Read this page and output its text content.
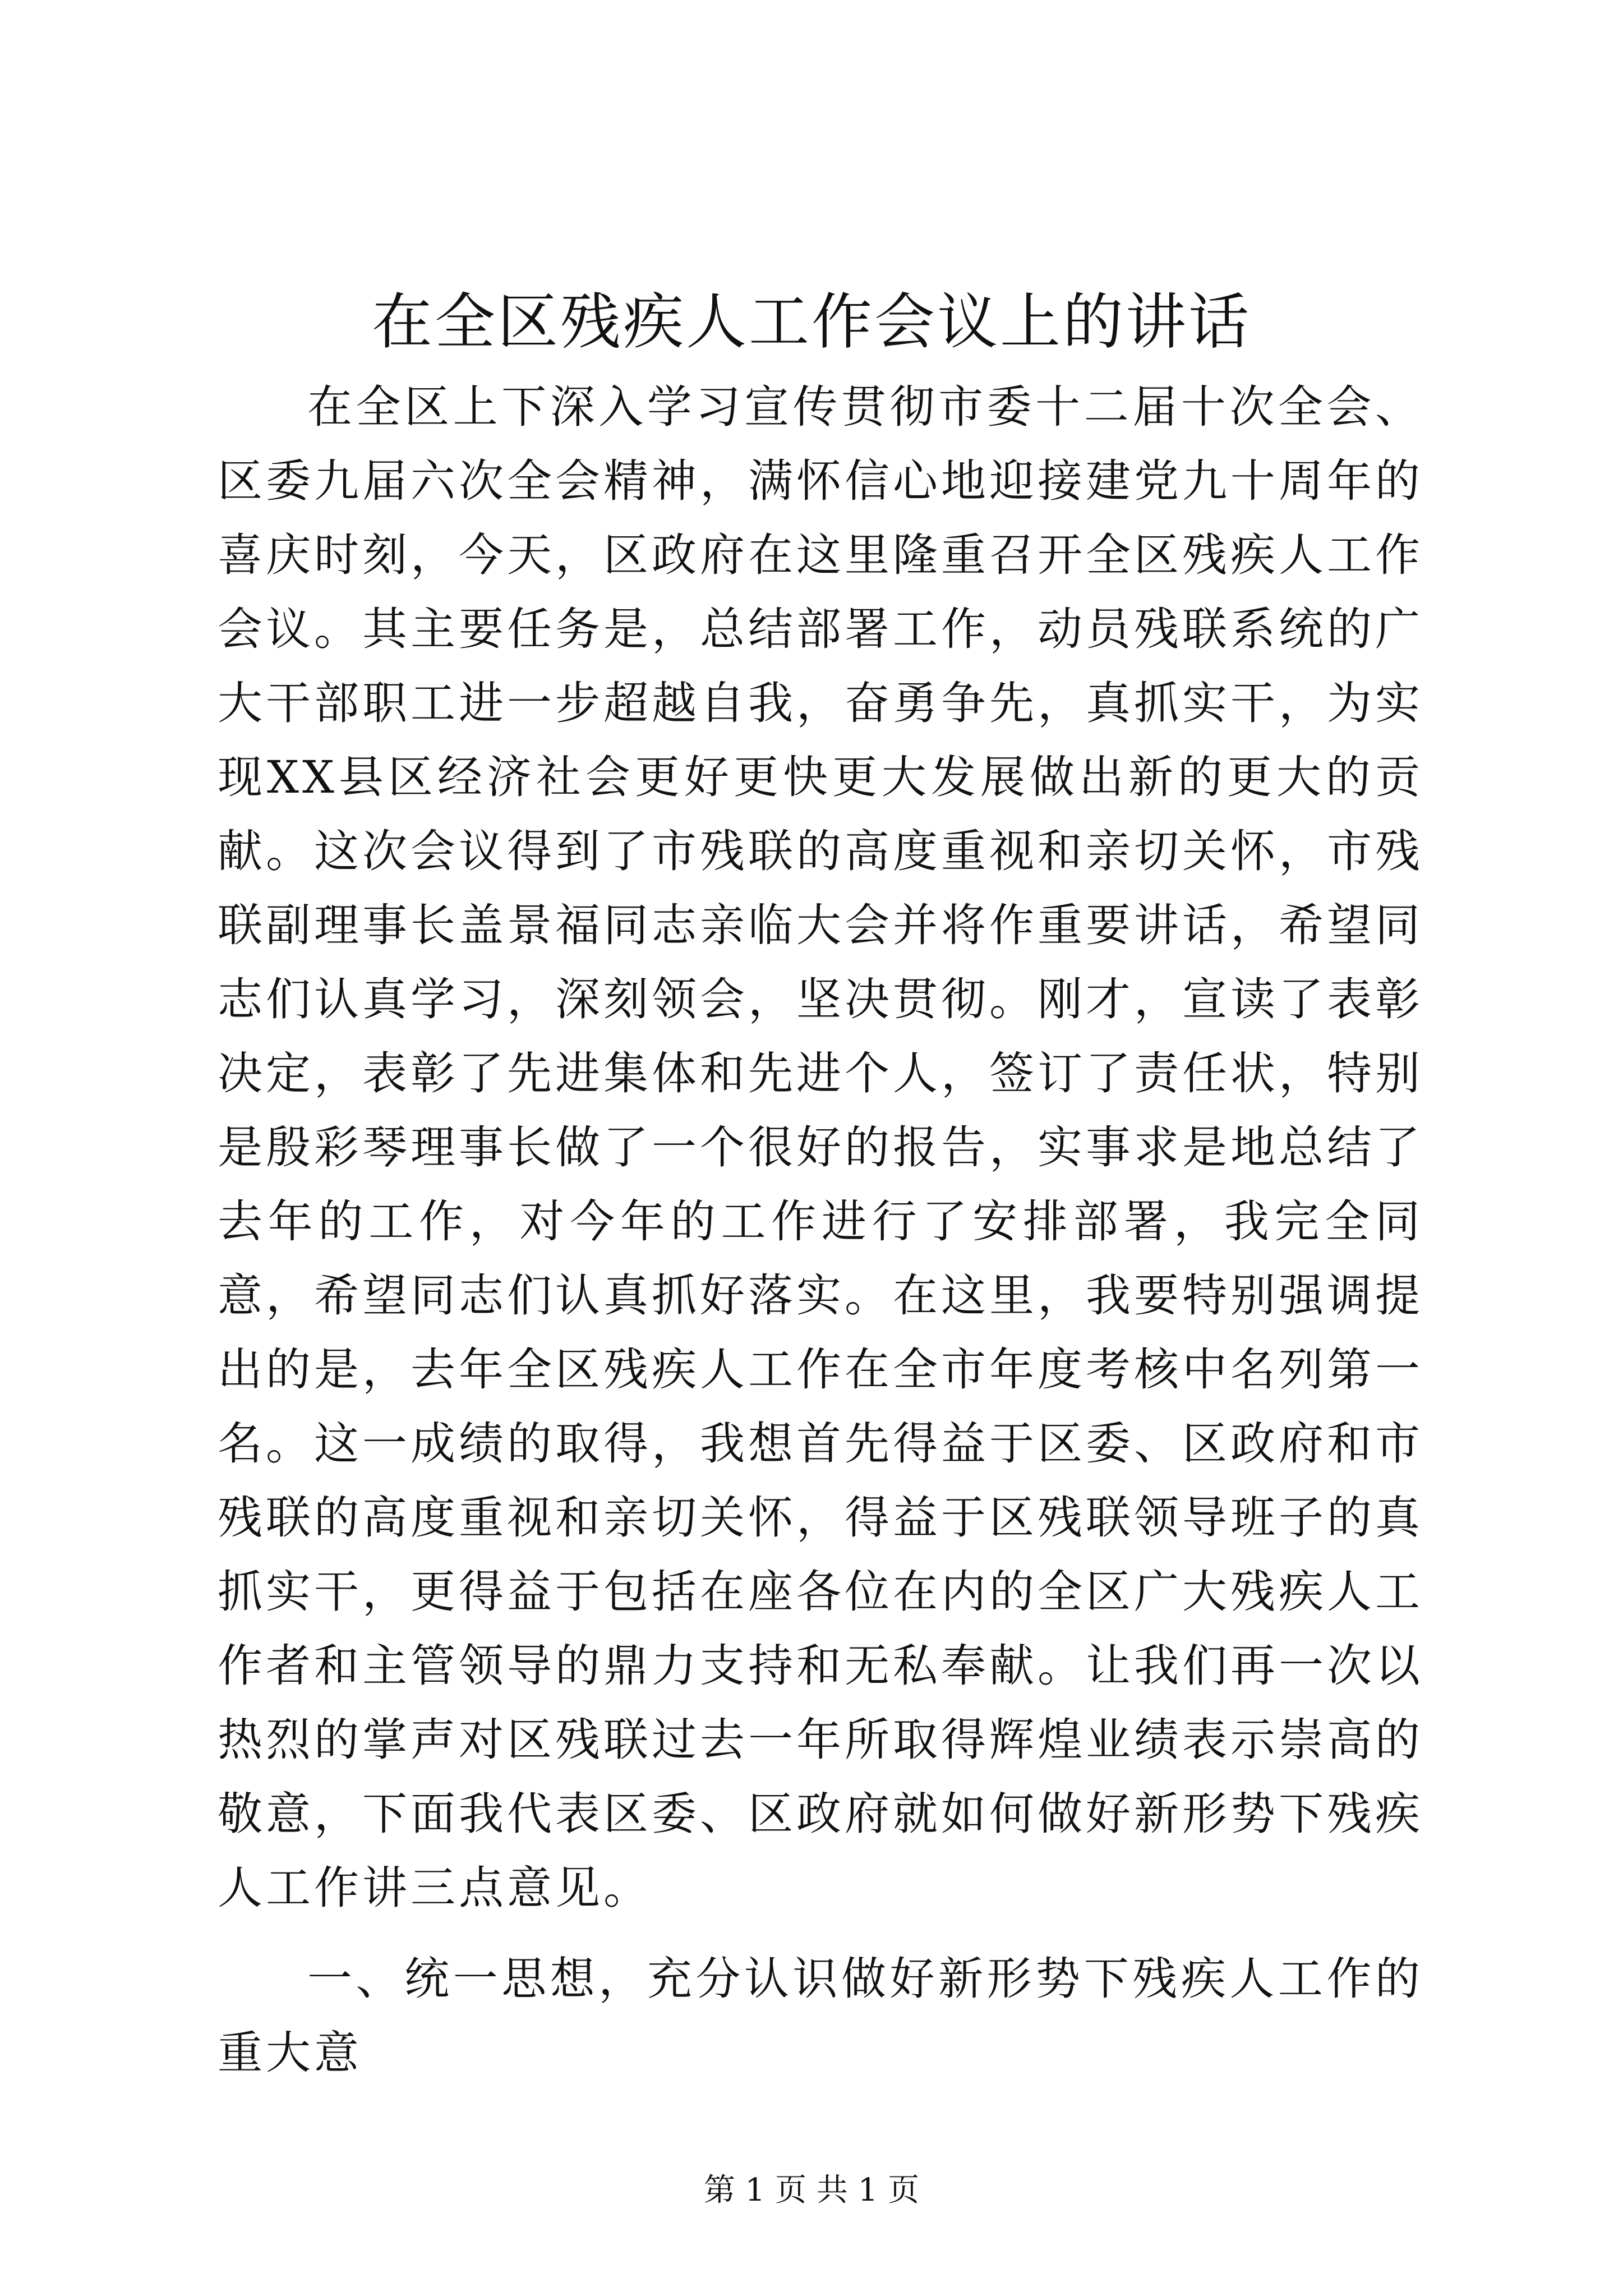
在全区残疾人工作会议上的讲话

在全区上下深入学习宣传贯彻市委十二届十次全会、区委九届六次全会精神，满怀信心地迎接建党九十周年的喜庆时刻，今天，区政府在这里隆重召开全区残疾人工作会议。其主要任务是，总结部署工作，动员残联系统的广大干部职工进一步超越自我，奋勇争先，真抓实干，为实现XX县区经济社会更好更快更大发展做出新的更大的贡献。这次会议得到了市残联的高度重视和亲切关怀，市残联副理事长盖景福同志亲临大会并将作重要讲话，希望同志们认真学习，深刻领会，坚决贯彻。刚才，宣读了表彰决定，表彰了先进集体和先进个人，签订了责任状，特别是殷彩琴理事长做了一个很好的报告，实事求是地总结了去年的工作，对今年的工作进行了安排部署，我完全同意，希望同志们认真抓好落实。在这里，我要特别强调提出的是，去年全区残疾人工作在全市年度考核中名列第一名。这一成绩的取得，我想首先得益于区委、区政府和市残联的高度重视和亲切关怀，得益于区残联领导班子的真抓实干，更得益于包括在座各位在内的全区广大残疾人工作者和主管领导的鼎力支持和无私奉献。让我们再一次以热烈的掌声对区残联过去一年所取得辉煌业绩表示崇高的敬意，下面我代表区委、区政府就如何做好新形势下残疾人工作讲三点意见。

一、统一思想，充分认识做好新形势下残疾人工作的重大意

第 1 页 共 1 页
